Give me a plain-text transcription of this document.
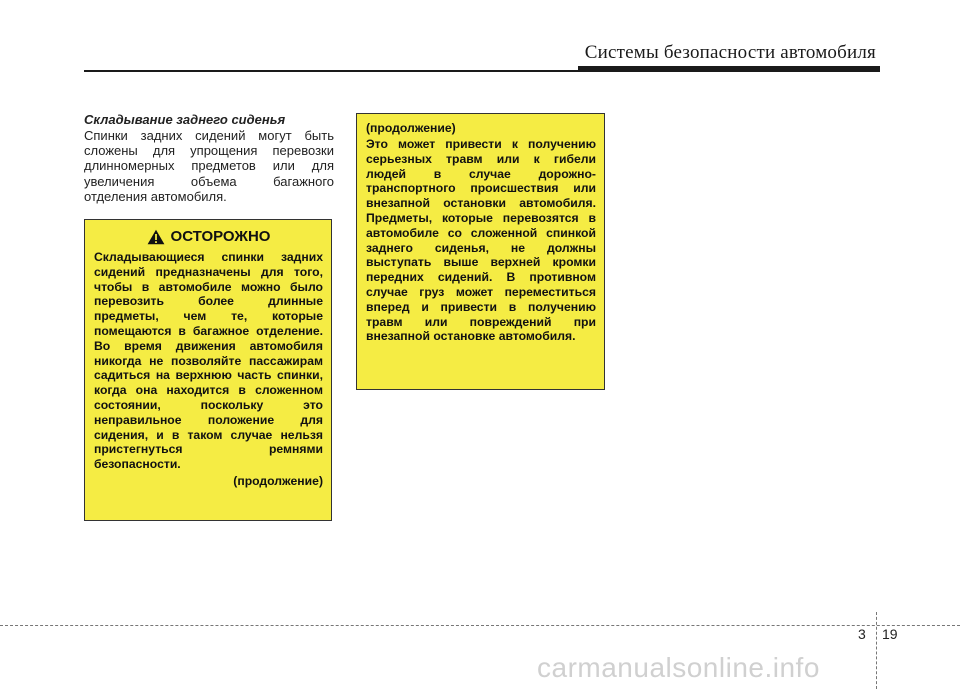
Системы безопасности автомобиля
Складывание заднего сиденья
Спинки задних сидений могут быть сложены для упрощения перевозки длинномерных предметов или для увеличения объема багажного отделения автомобиля.
ОСТОРОЖНО
Складывающиеся спинки задних сидений предназначены для того, чтобы в автомобиле можно было перевозить более длинные предметы, чем те, которые помещаются в багажное отделение. Во время движения автомобиля никогда не позволяйте пассажирам садиться на верхнюю часть спинки, когда она находится в сложенном состоянии, поскольку это неправильное положение для сидения, и в таком случае нельзя пристегнуться ремнями безопасности.
(продолжение)
(продолжение)
Это может привести к получению серьезных травм или к гибели людей в случае дорожно-транспортного происшествия или внезапной остановки автомобиля. Предметы, которые перевозятся в автомобиле со сложенной спинкой заднего сиденья, не должны выступать выше верхней кромки передних сидений. В противном случае груз может переместиться вперед и привести в получению травм или повреждений при внезапной остановке автомобиля.
3 19
carmanualsonline.info
